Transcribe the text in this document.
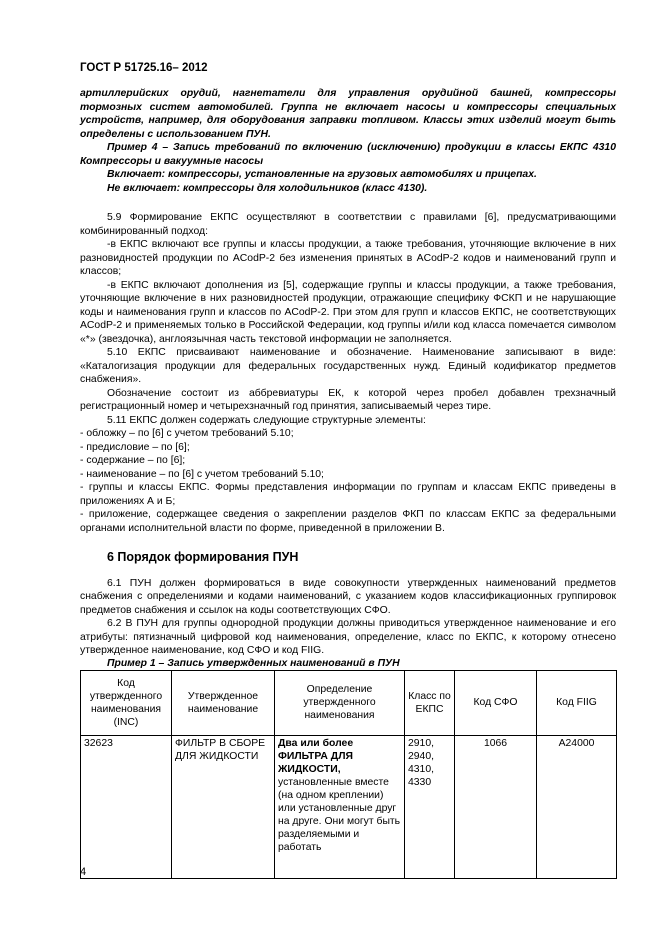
ГОСТ Р 51725.16– 2012

артиллерийских орудий, нагнетатели для управления орудийной башней, компрессоры тормозных систем автомобилей. Группа не включает насосы и компрессоры специальных устройств, например, для оборудования заправки топливом. Классы этих изделий могут быть определены с использованием ПУН.

Пример 4 – Запись требований по включению (исключению) продукции в классы ЕКПС 4310 Компрессоры и вакуумные насосы

Включает: компрессоры, установленные на грузовых автомобилях и прицепах.

Не включает: компрессоры для холодильников (класс 4130).

5.9 Формирование ЕКПС осуществляют в соответствии с правилами [6], предусматривающими комбинированный подход:

-в ЕКПС включают все группы и классы продукции, а также требования, уточняющие включение в них разновидностей продукции по ACodP-2 без изменения принятых в ACodP-2 кодов и наименований групп и классов;

-в ЕКПС включают дополнения из [5], содержащие группы и классы продукции, а также требования, уточняющие включение в них разновидностей продукции, отражающие специфику ФСКП и не нарушающие коды и наименования групп и классов по ACodP-2. При этом для групп и классов ЕКПС, не соответствующих ACodP-2 и применяемых только в Российской Федерации, код группы и/или код класса помечается символом «*» (звездочка), англоязычная часть текстовой информации не заполняется.

5.10 ЕКПС присваивают наименование и обозначение. Наименование записывают в виде: «Каталогизация продукции для федеральных государственных нужд. Единый кодификатор предметов снабжения».

Обозначение состоит из аббревиатуры ЕК, к которой через пробел добавлен трехзначный регистрационный номер и четырехзначный год принятия, записываемый через тире.

5.11 ЕКПС должен содержать следующие структурные элементы:

- обложку – по [6] с учетом требований 5.10;

- предисловие – по [6];

- содержание – по [6];

- наименование – по [6] с учетом требований 5.10;

- группы и классы ЕКПС. Формы представления информации по группам и классам ЕКПС приведены в приложениях А и Б;

- приложение, содержащее сведения о закреплении разделов ФКП по классам ЕКПС за федеральными органами исполнительной власти по форме, приведенной в приложении В.

6 Порядок формирования ПУН

6.1 ПУН должен формироваться в виде совокупности утвержденных наименований предметов снабжения с определениями и кодами наименований, с указанием кодов классификационных группировок предметов снабжения и ссылок на коды соответствующих СФО.

6.2 В ПУН для группы однородной продукции должны приводиться утвержденное наименование и его атрибуты: пятизначный цифровой код наименования, определение, класс по ЕКПС, к которому отнесено утвержденное наименование, код СФО и код FIIG.

Пример 1 – Запись утвержденных наименований в ПУН
Код утвержденного наименования (INC)	Утвержденное наименование	Определение утвержденного наименования	Класс по ЕКПС	Код СФО	Код FIIG
32623	ФИЛЬТР В СБОРЕ ДЛЯ ЖИДКОСТИ	Два или более ФИЛЬТРА ДЛЯ ЖИДКОСТИ, установленные вместе (на одном креплении) или установленные друг на друге. Они могут быть разделяемыми и работать	2910, 2940, 4310, 4330	1066	A24000
4
